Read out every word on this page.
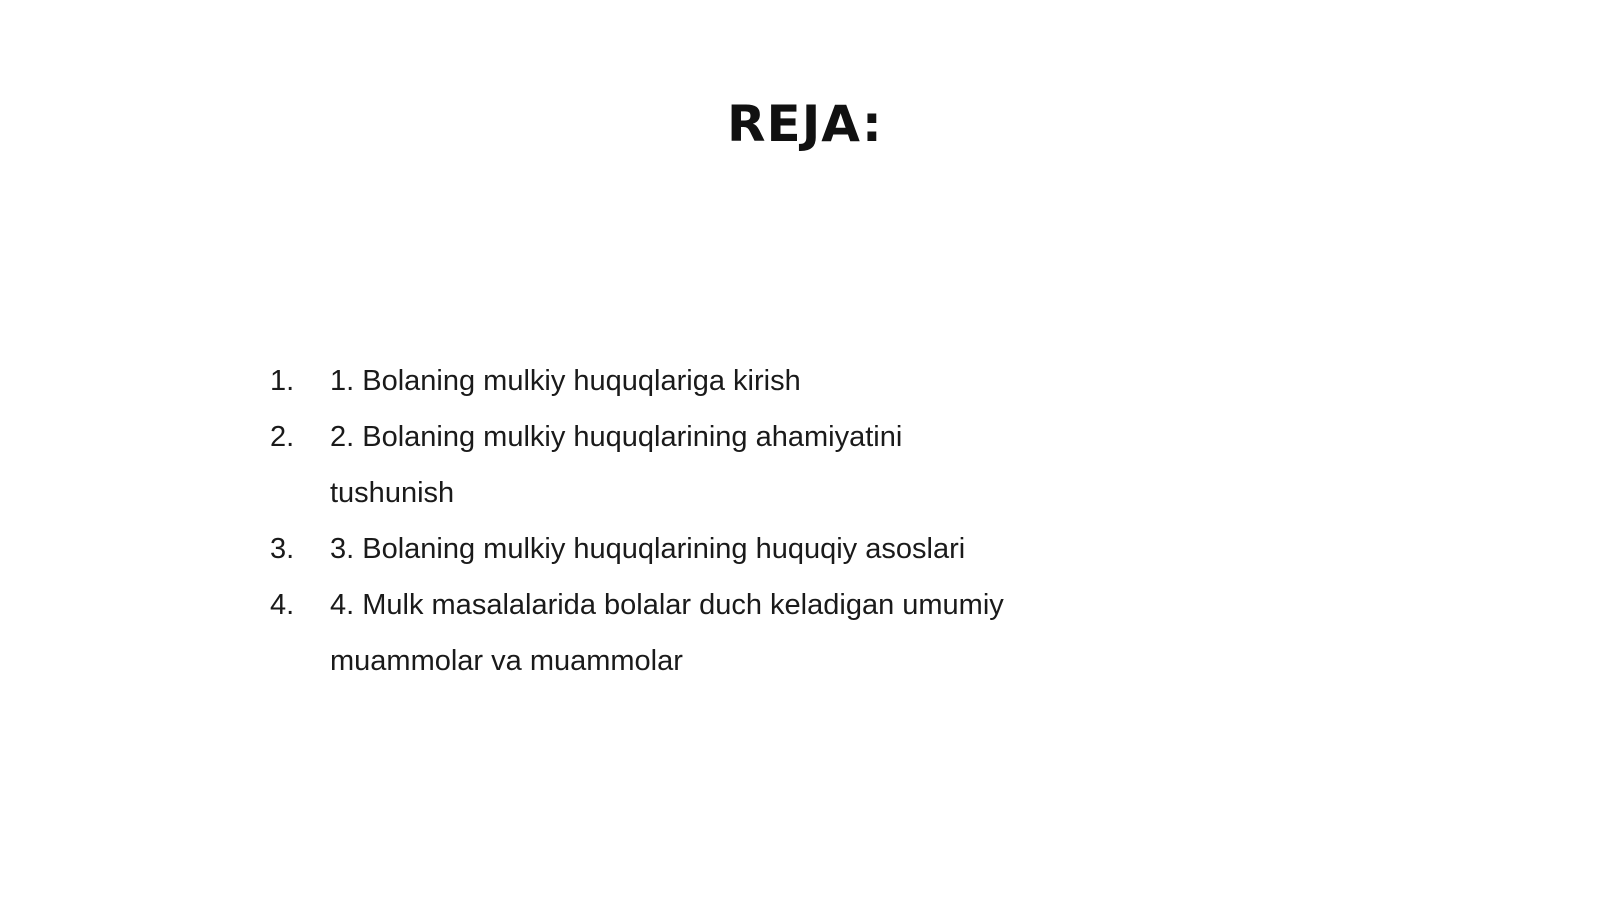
REJA:
1.	1. Bolaning mulkiy huquqlariga kirish
2.	2. Bolaning mulkiy huquqlarining ahamiyatini tushunish
3.	3. Bolaning mulkiy huquqlarining huquqiy asoslari
4.	4. Mulk masalalarida bolalar duch keladigan umumiy muammolar va muammolar
